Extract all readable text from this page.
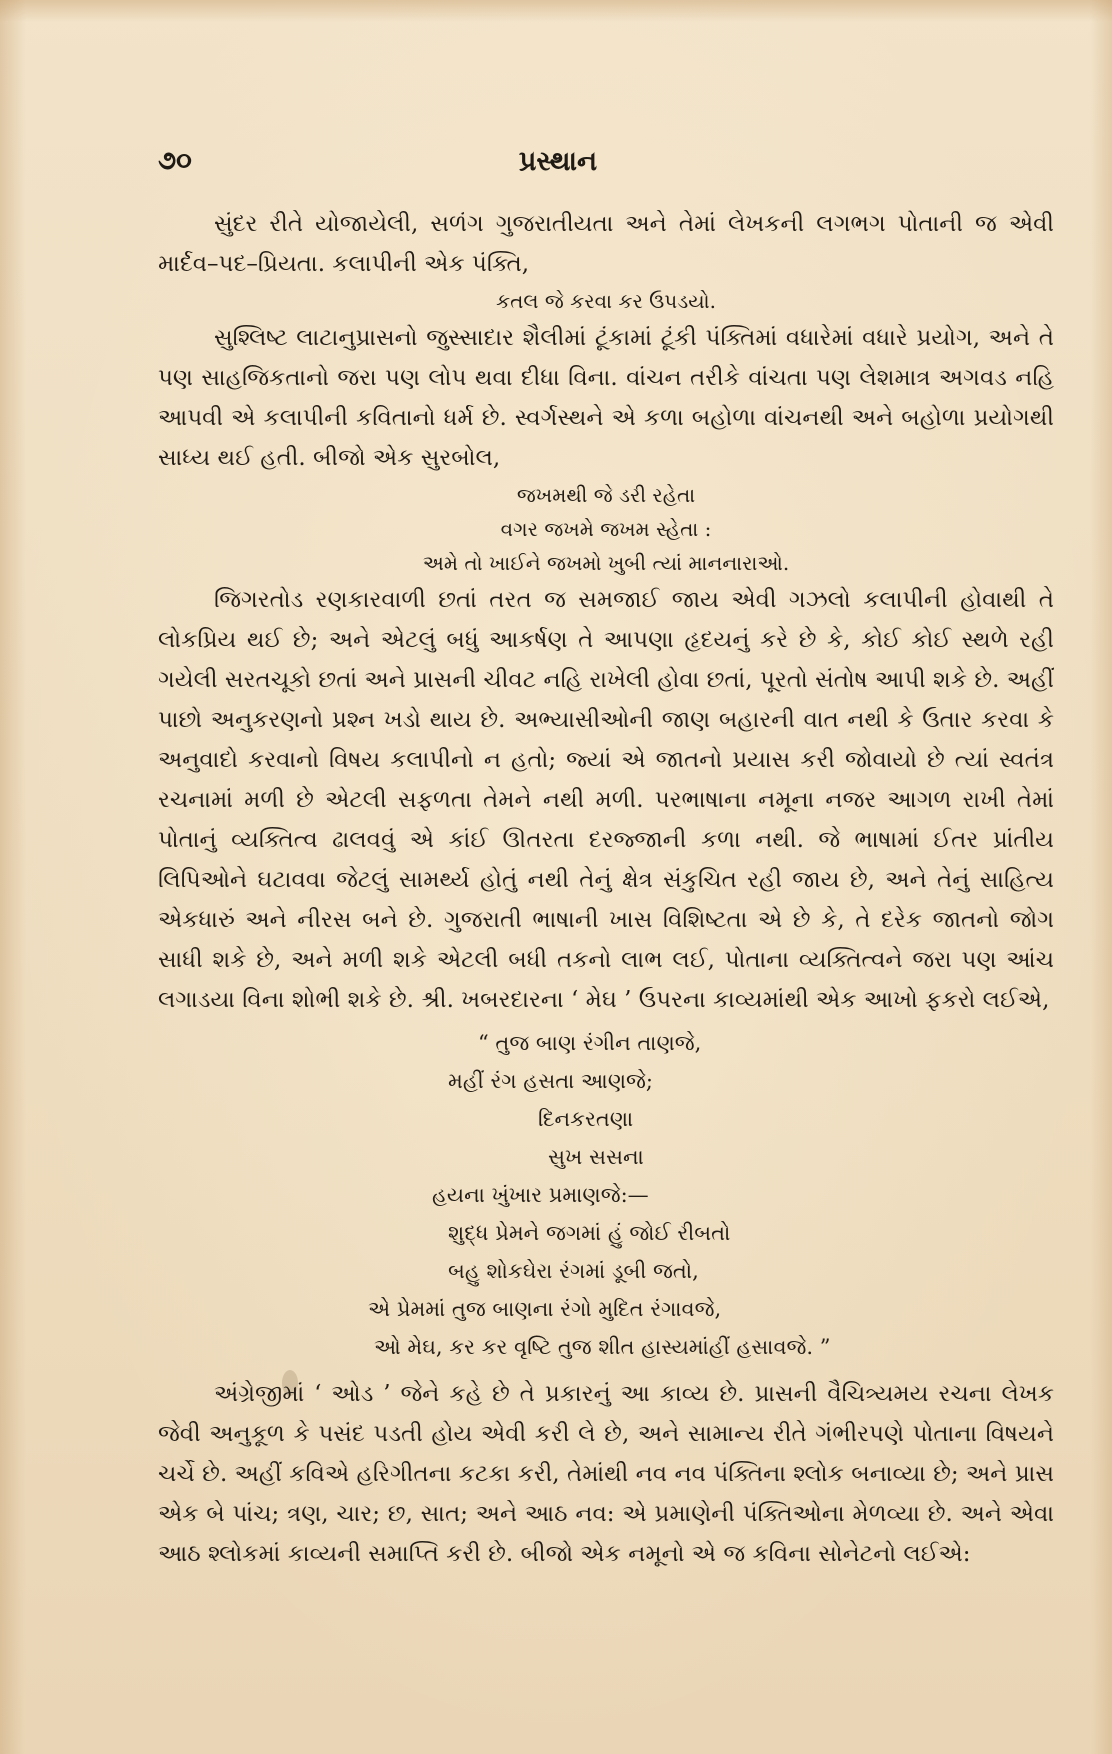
૭૦	પ્રસ્થાન

સુંદર રીતે યોજાયેલી, સળંગ ગુજરાતીયતા અને તેમાં લેખકની લગભગ પોતાની જ એવી માર્દવ–પદ–પ્રિયતા. કલાપીની એક પંક્તિ,

કતલ જે કરવા કર ઉપડયો.

સુશ્લિષ્ટ લાટાનુપ્રાસનો જુસ્સાદાર શૈલીમાં ટૂંકામાં ટૂંકી પંક્તિમાં વધારેમાં વધારે પ્રયોગ, અને તે પણ સાહજિકતાનો જરા પણ લોપ થવા દીધા વિના. વાંચન તરીકે વાંચતા પણ લેશમાત્ર અગવડ નહિ આપવી એ કલાપીની કવિતાનો ધર્મ છે. સ્વર્ગસ્થને એ કળા બહોળા વાંચનથી અને બહોળા પ્રયોગથી સાધ્ય થઈ હતી. બીજો એક સુરબોલ,

જખમથી જે ડરી રહેતા
વગર જખમે જખમ સ્હેતા :
અમે તો ખાઈને જખમો ખુબી ત્યાં માનનારાઓ.

જિગરતોડ રણકારવાળી છતાં તરત જ સમજાઈ જાય એવી ગઝલો કલાપીની હોવાથી તે લોકપ્રિય થઈ છે; અને એટલું બધું આકર્ષણ તે આપણા હૃદયનું કરે છે કે, કોઈ કોઈ સ્થળે રહી ગયેલી સરતચૂકો છતાં અને પ્રાસની ચીવટ નહિ રાખેલી હોવા છતાં, પૂરતો સંતોષ આપી શકે છે. અહીં પાછો અનુકરણનો પ્રશ્ન ખડો થાય છે. અભ્યાસીઓની જાણ બહારની વાત નથી કે ઉતાર કરવા કે અનુવાદો કરવાનો વિષય કલાપીનો ન હતો; જ્યાં એ જાતનો પ્રયાસ કરી જોવાયો છે ત્યાં સ્વતંત્ર રચનામાં મળી છે એટલી સફળતા તેમને નથી મળી. પરભાષાના નમૂના નજર આગળ રાખી તેમાં પોતાનું વ્યક્તિત્વ ઢાલવવું એ કાંઈ ઊતરતા દરજ્જાની કળા નથી. જે ભાષામાં ઈતર પ્રાંતીય લિપિઓને ઘટાવવા જેટલું સામર્થ્ય હોતું નથી તેનું ક્ષેત્ર સંકુચિત રહી જાય છે, અને તેનું સાહિત્ય એકધારું અને નીરસ બને છે. ગુજરાતી ભાષાની ખાસ વિશિષ્ટતા એ છે કે, તે દરેક જાતનો જોગ સાધી શકે છે, અને મળી શકે એટલી બધી તકનો લાભ લઈ, પોતાના વ્યક્તિત્વને જરા પણ આંચ લગાડયા વિના શોભી શકે છે. શ્રી. ખબરદારના ‘ મેઘ ’ ઉપરના કાવ્યમાંથી એક આખો ફકરો લઈએ,

“ તુજ બાણ રંગીન તાણજે,
મહીં રંગ હસતા આણજે;
દિનકરતણા
સુખ સસના
હયના ખુંખાર પ્રમાણજે:—
શુદ્ધ પ્રેમને જગમાં હું જોઈ રીબતો
બહુ શોકઘેરા રંગમાં ડૂબી જતો,
એ પ્રેમમાં તુજ બાણના રંગો મુદિત રંગાવજે,
ઓ મેઘ, કર કર વૃષ્ટિ તુજ શીત હાસ્યમાંહીં હસાવજે. ”

અંગ્રેજીમાં ‘ ઓડ ’ જેને કહે છે તે પ્રકારનું આ કાવ્ય છે. પ્રાસની વૈચિત્ર્યમય રચના લેખક જેવી અનુકૂળ કે પસંદ પડતી હોય એવી કરી લે છે, અને સામાન્ય રીતે ગંભીરપણે પોતાના વિષયને ચર્ચે છે. અહીં કવિએ હરિગીતના કટકા કરી, તેમાંથી નવ નવ પંક્તિના શ્લોક બનાવ્યા છે; અને પ્રાસ એક બે પાંચ; ત્રણ, ચાર; છ, સાત; અને આઠ નવ: એ પ્રમાણેની પંક્તિઓના મેળવ્યા છે. અને એવા આઠ શ્લોકમાં કાવ્યની સમાપ્તિ કરી છે. બીજો એક નમૂનો એ જ કવિના સોનેટનો લઈએ:
